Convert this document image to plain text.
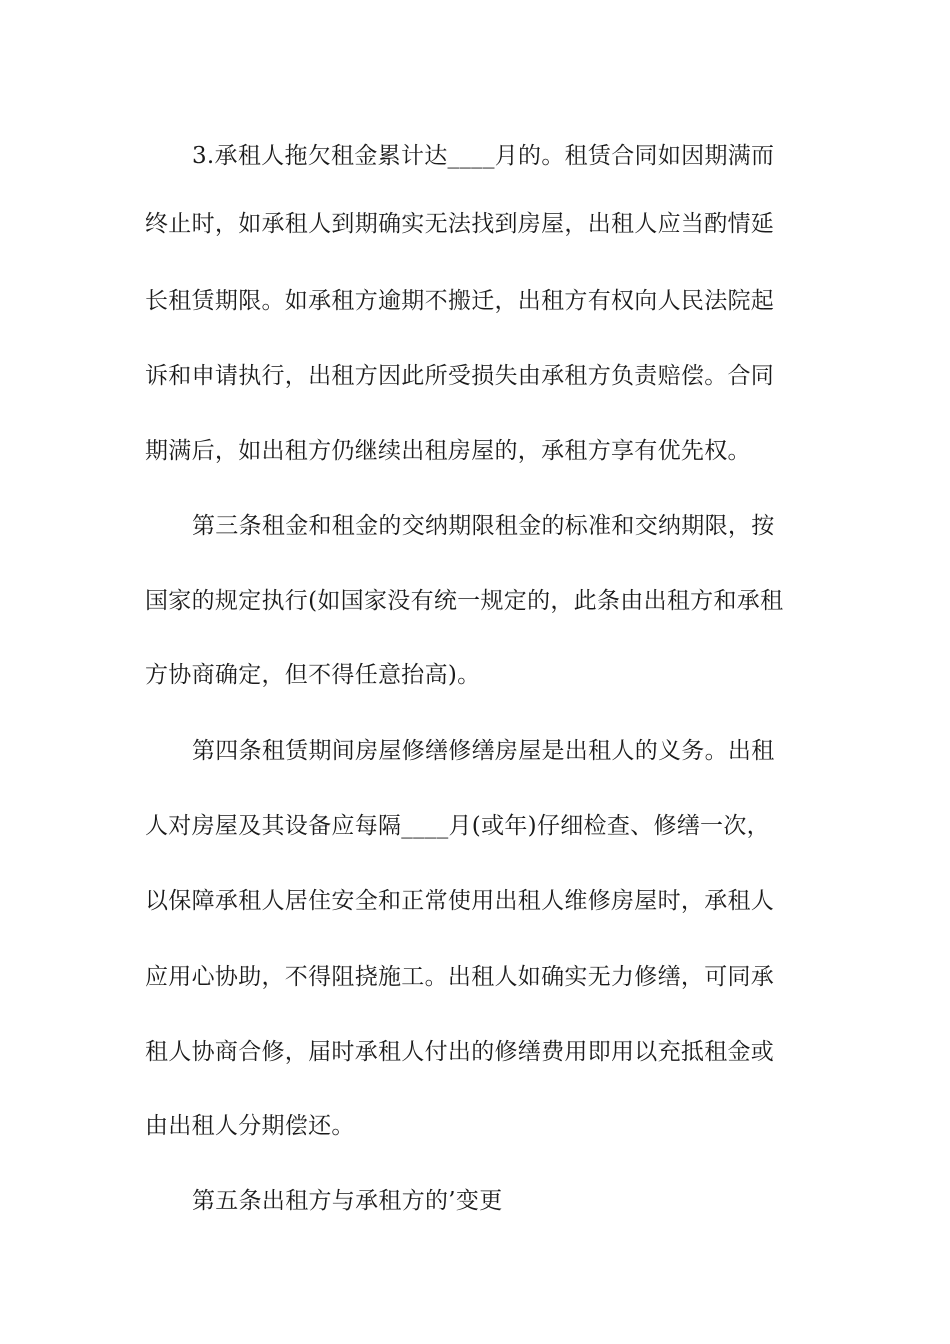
3.承租人拖欠租金累计达____月的。租赁合同如因期满而
终止时，如承租人到期确实无法找到房屋，出租人应当酌情延
长租赁期限。如承租方逾期不搬迁，出租方有权向人民法院起
诉和申请执行，出租方因此所受损失由承租方负责赔偿。合同
期满后，如出租方仍继续出租房屋的，承租方享有优先权。
第三条租金和租金的交纳期限租金的标准和交纳期限，按
国家的规定执行(如国家没有统一规定的，此条由出租方和承租
方协商确定，但不得任意抬高)。
第四条租赁期间房屋修缮修缮房屋是出租人的义务。出租
人对房屋及其设备应每隔____月(或年)仔细检查、修缮一次，
以保障承租人居住安全和正常使用出租人维修房屋时，承租人
应用心协助，不得阻挠施工。出租人如确实无力修缮，可同承
租人协商合修，届时承租人付出的修缮费用即用以充抵租金或
由出租人分期偿还。
第五条出租方与承租方的’变更
